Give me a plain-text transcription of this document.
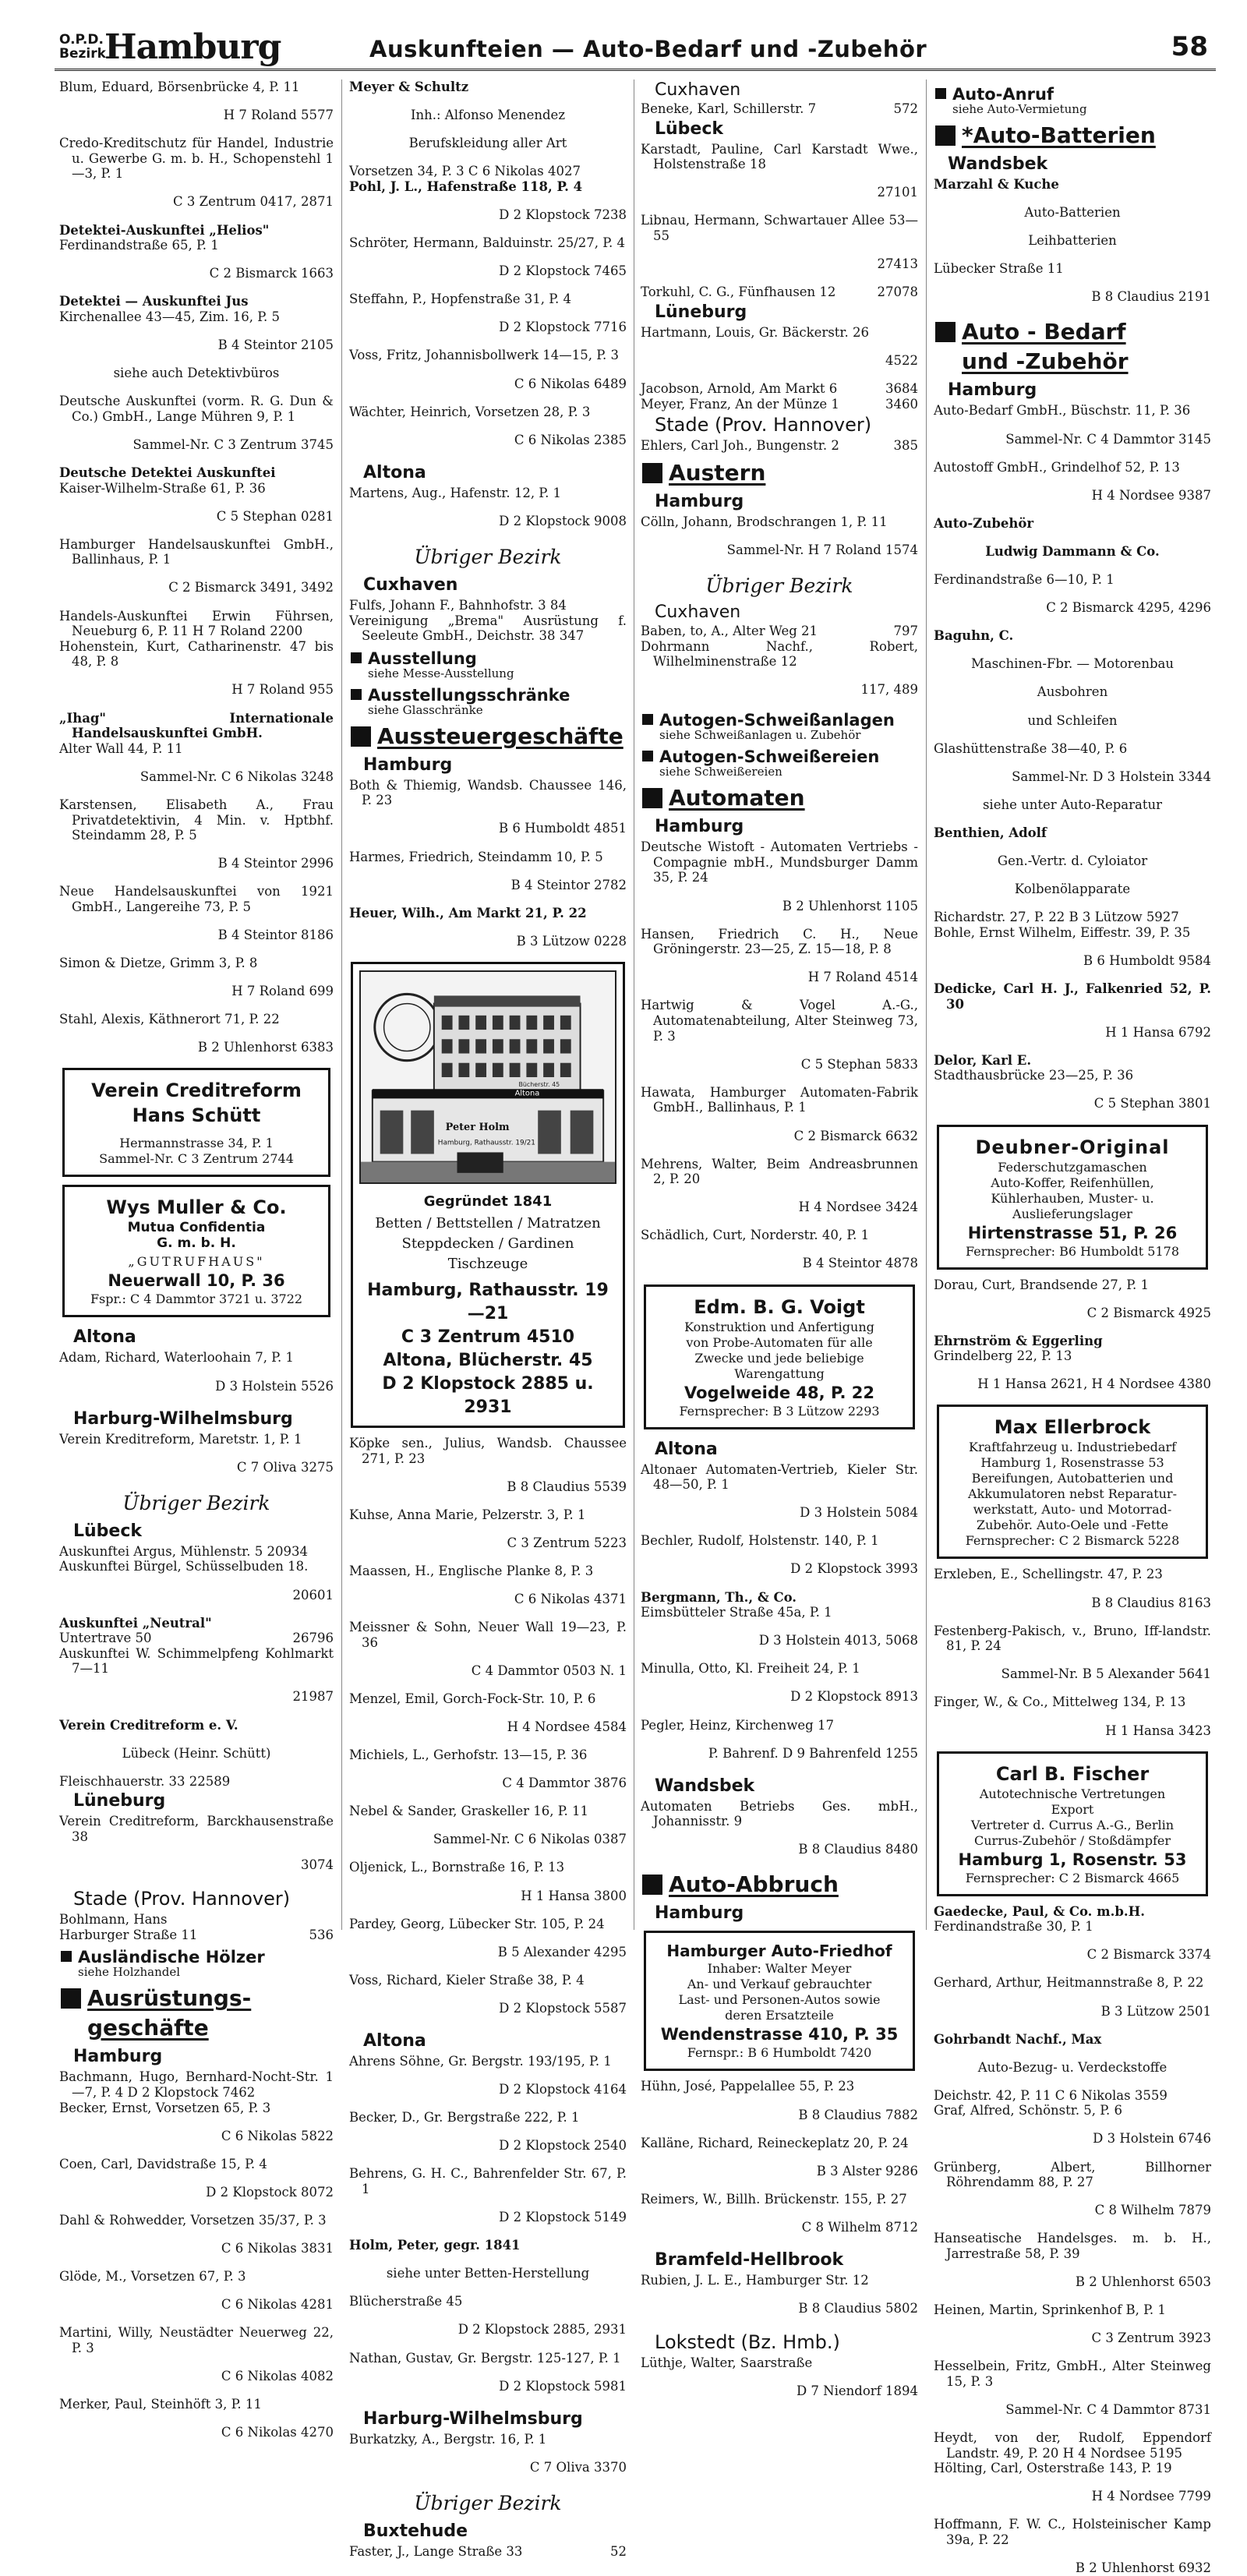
O.P.D.
Bezirk
Hamburg	Auskunfteien — Auto-Bedarf und -Zubehör	58

Blum, Eduard, Börsenbrücke 4, P. 11

H 7 Roland 5577

Credo-Kreditschutz für Handel, Industrie u. Gewerbe G. m. b. H., Schopenstehl 1—3, P. 1

C 3 Zentrum 0417, 2871

Detektei-Auskunftei „Helios"

Ferdinandstraße 65, P. 1

C 2 Bismarck 1663

Detektei — Auskunftei Jus

Kirchenallee 43—45, Zim. 16, P. 5

B 4 Steintor 2105

siehe auch Detektivbüros

Deutsche Auskunftei (vorm. R. G. Dun & Co.) GmbH., Lange Mühren 9, P. 1

Sammel-Nr. C 3 Zentrum 3745

Deutsche Detektei Auskunftei

Kaiser-Wilhelm-Straße 61, P. 36

C 5 Stephan 0281

Hamburger Handelsauskunftei GmbH., Ballinhaus, P. 1

C 2 Bismarck 3491, 3492

Handels-Auskunftei Erwin Führsen, Neueburg 6, P. 11 H 7 Roland 2200

Hohenstein, Kurt, Catharinenstr. 47 bis 48, P. 8

H 7 Roland 955

„Ihag" Internationale Handelsauskunftei GmbH.

Alter Wall 44, P. 11

Sammel-Nr. C 6 Nikolas 3248

Karstensen, Elisabeth A., Frau Privatdetektivin, 4 Min. v. Hptbhf. Steindamm 28, P. 5

B 4 Steintor 2996

Neue Handelsauskunftei von 1921 GmbH., Langereihe 73, P. 5

B 4 Steintor 8186

Simon & Dietze, Grimm 3, P. 8

H 7 Roland 699

Stahl, Alexis, Käthnerort 71, P. 22

B 2 Uhlenhorst 6383

Verein Creditreform
Hans Schütt
Hermannstrasse 34, P. 1
Sammel-Nr. C 3 Zentrum 2744
Wys Muller & Co.
Mutua Confidentia
G. m. b. H.
„GUTRUFHAUS"
Neuerwall 10, P. 36
Fspr.: C 4 Dammtor 3721 u. 3722
Altona

Adam, Richard, Waterloohain 7, P. 1

D 3 Holstein 5526

Harburg-Wilhelmsburg

Verein Kreditreform, Maretstr. 1, P. 1

C 7 Oliva 3275

Übriger Bezirk
Lübeck

Auskunftei Argus, Mühlenstr. 5 20934

Auskunftei Bürgel, Schüsselbuden 18.

20601

Auskunftei „Neutral"

Untertrave 50	26796

Auskunftei W. Schimmelpfeng Kohlmarkt 7—11

21987

Verein Creditreform e. V.

Lübeck (Heinr. Schütt)

Fleischhauerstr. 33 22589

Lüneburg

Verein Creditreform, Barckhausenstraße 38

3074

Stade (Prov. Hannover)

Bohlmann, Hans

Harburger Straße 11	536

Ausländische Hölzer
siehe Holzhandel
Ausrüstungs-
geschäfte
Hamburg

Bachmann, Hugo, Bernhard-Nocht-Str. 1—7, P. 4 D 2 Klopstock 7462

Becker, Ernst, Vorsetzen 65, P. 3

C 6 Nikolas 5822

Coen, Carl, Davidstraße 15, P. 4

D 2 Klopstock 8072

Dahl & Rohwedder, Vorsetzen 35/37, P. 3

C 6 Nikolas 3831

Glöde, M., Vorsetzen 67, P. 3

C 6 Nikolas 4281

Martini, Willy, Neustädter Neuerweg 22, P. 3

C 6 Nikolas 4082

Merker, Paul, Steinhöft 3, P. 11

C 6 Nikolas 4270

Meyer & Schultz

Inh.: Alfonso Menendez

Berufskleidung aller Art

Vorsetzen 34, P. 3 C 6 Nikolas 4027

Pohl, J. L., Hafenstraße 118, P. 4

D 2 Klopstock 7238

Schröter, Hermann, Balduinstr. 25/27, P. 4

D 2 Klopstock 7465

Steffahn, P., Hopfenstraße 31, P. 4

D 2 Klopstock 7716

Voss, Fritz, Johannisbollwerk 14—15, P. 3

C 6 Nikolas 6489

Wächter, Heinrich, Vorsetzen 28, P. 3

C 6 Nikolas 2385

Altona

Martens, Aug., Hafenstr. 12, P. 1

D 2 Klopstock 9008

Übriger Bezirk
Cuxhaven

Fulfs, Johann F., Bahnhofstr. 3 84

Vereinigung „Brema" Ausrüstung f. Seeleute GmbH., Deichstr. 38 347

Ausstellung
siehe Messe-Ausstellung
Ausstellungsschränke
siehe Glasschränke
Aussteuergeschäfte
Hamburg

Both & Thiemig, Wandsb. Chaussee 146, P. 23

B 6 Humboldt 4851

Harmes, Friedrich, Steindamm 10, P. 5

B 4 Steintor 2782

Heuer, Wilh., Am Markt 21, P. 22

B 3 Lützow 0228

Altona
Bücherstr. 45
Peter Holm
Hamburg, Rathausstr. 19/21
Gegründet 1841
Betten / Bettstellen / Matratzen
Steppdecken / Gardinen
Tischzeuge
Hamburg, Rathausstr. 19—21
C 3 Zentrum 4510
Altona, Blücherstr. 45
D 2 Klopstock 2885 u. 2931

Köpke sen., Julius, Wandsb. Chaussee 271, P. 23

B 8 Claudius 5539

Kuhse, Anna Marie, Pelzerstr. 3, P. 1

C 3 Zentrum 5223

Maassen, H., Englische Planke 8, P. 3

C 6 Nikolas 4371

Meissner & Sohn, Neuer Wall 19—23, P. 36

C 4 Dammtor 0503 N. 1

Menzel, Emil, Gorch-Fock-Str. 10, P. 6

H 4 Nordsee 4584

Michiels, L., Gerhofstr. 13—15, P. 36

C 4 Dammtor 3876

Nebel & Sander, Graskeller 16, P. 11

Sammel-Nr. C 6 Nikolas 0387

Oljenick, L., Bornstraße 16, P. 13

H 1 Hansa 3800

Pardey, Georg, Lübecker Str. 105, P. 24

B 5 Alexander 4295

Voss, Richard, Kieler Straße 38, P. 4

D 2 Klopstock 5587

Altona

Ahrens Söhne, Gr. Bergstr. 193/195, P. 1

D 2 Klopstock 4164

Becker, D., Gr. Bergstraße 222, P. 1

D 2 Klopstock 2540

Behrens, G. H. C., Bahrenfelder Str. 67, P. 1

D 2 Klopstock 5149

Holm, Peter, gegr. 1841

siehe unter Betten-Herstellung

Blücherstraße 45

D 2 Klopstock 2885, 2931

Nathan, Gustav, Gr. Bergstr. 125-127, P. 1

D 2 Klopstock 5981

Harburg-Wilhelmsburg

Burkatzky, A., Bergstr. 16, P. 1

C 7 Oliva 3370

Übriger Bezirk
Buxtehude

Faster, J., Lange Straße 33	52

Cuxhaven

Beneke, Karl, Schillerstr. 7	572

Lübeck

Karstadt, Pauline, Carl Karstadt Wwe., Holstenstraße 18

27101

Libnau, Hermann, Schwartauer Allee 53—55

27413

Torkuhl, C. G., Fünfhausen 12	27078

Lüneburg

Hartmann, Louis, Gr. Bäckerstr. 26

4522

Jacobson, Arnold, Am Markt 6	3684

Meyer, Franz, An der Münze 1	3460

Stade (Prov. Hannover)

Ehlers, Carl Joh., Bungenstr. 2	385

Austern
Hamburg

Cölln, Johann, Brodschrangen 1, P. 11

Sammel-Nr. H 7 Roland 1574

Übriger Bezirk
Cuxhaven

Baben, to, A., Alter Weg 21	797

Dohrmann Nachf., Robert, Wilhelminenstraße 12

117, 489

Autogen-Schweißanlagen
siehe Schweißanlagen u. Zubehör
Autogen-Schweißereien
siehe Schweißereien
Automaten
Hamburg

Deutsche Wistoft - Automaten Vertriebs - Compagnie mbH., Mundsburger Damm 35, P. 24

B 2 Uhlenhorst 1105

Hansen, Friedrich C. H., Neue Gröningerstr. 23—25, Z. 15—18, P. 8

H 7 Roland 4514

Hartwig & Vogel A.-G., Automatenabteilung, Alter Steinweg 73, P. 3

C 5 Stephan 5833

Hawata, Hamburger Automaten-Fabrik GmbH., Ballinhaus, P. 1

C 2 Bismarck 6632

Mehrens, Walter, Beim Andreasbrunnen 2, P. 20

H 4 Nordsee 3424

Schädlich, Curt, Norderstr. 40, P. 1

B 4 Steintor 4878

Edm. B. G. Voigt
Konstruktion und Anfertigung
von Probe-Automaten für alle
Zwecke und jede beliebige
Warengattung
Vogelweide 48, P. 22
Fernsprecher: B 3 Lützow 2293
Altona

Altonaer Automaten-Vertrieb, Kieler Str. 48—50, P. 1

D 3 Holstein 5084

Bechler, Rudolf, Holstenstr. 140, P. 1

D 2 Klopstock 3993

Bergmann, Th., & Co.

Eimsbütteler Straße 45a, P. 1

D 3 Holstein 4013, 5068

Minulla, Otto, Kl. Freiheit 24, P. 1

D 2 Klopstock 8913

Pegler, Heinz, Kirchenweg 17

P. Bahrenf. D 9 Bahrenfeld 1255

Wandsbek

Automaten Betriebs Ges. mbH., Johannisstr. 9

B 8 Claudius 8480

Auto-Abbruch
Hamburg
Hamburger Auto-Friedhof
Inhaber: Walter Meyer
An- und Verkauf gebrauchter
Last- und Personen-Autos sowie
deren Ersatzteile
Wendenstrasse 410, P. 35
Fernspr.: B 6 Humboldt 7420

Hühn, José, Pappelallee 55, P. 23

B 8 Claudius 7882

Kalläne, Richard, Reineckeplatz 20, P. 24

B 3 Alster 9286

Reimers, W., Billh. Brückenstr. 155, P. 27

C 8 Wilhelm 8712

Bramfeld-Hellbrook

Rubien, J. L. E., Hamburger Str. 12

B 8 Claudius 5802

Lokstedt (Bz. Hmb.)

Lüthje, Walter, Saarstraße

D 7 Niendorf 1894

Auto-Anruf
siehe Auto-Vermietung
*Auto-Batterien
Wandsbek

Marzahl & Kuche

Auto-Batterien

Leihbatterien

Lübecker Straße 11

B 8 Claudius 2191

Auto - Bedarf
und -Zubehör
Hamburg

Auto-Bedarf GmbH., Büschstr. 11, P. 36

Sammel-Nr. C 4 Dammtor 3145

Autostoff GmbH., Grindelhof 52, P. 13

H 4 Nordsee 9387

Auto-Zubehör

Ludwig Dammann & Co.

Ferdinandstraße 6—10, P. 1

C 2 Bismarck 4295, 4296

Baguhn, C.

Maschinen-Fbr. — Motorenbau

Ausbohren

und Schleifen

Glashüttenstraße 38—40, P. 6

Sammel-Nr. D 3 Holstein 3344

siehe unter Auto-Reparatur

Benthien, Adolf

Gen.-Vertr. d. Cyloiator

Kolbenölapparate

Richardstr. 27, P. 22 B 3 Lützow 5927

Bohle, Ernst Wilhelm, Eiffestr. 39, P. 35

B 6 Humboldt 9584

Dedicke, Carl H. J., Falkenried 52, P. 30

H 1 Hansa 6792

Delor, Karl E.

Stadthausbrücke 23—25, P. 36

C 5 Stephan 3801

Deubner-Original
Federschutzgamaschen
Auto-Koffer, Reifenhüllen,
Kühlerhauben, Muster- u.
Auslieferungslager
Hirtenstrasse 51, P. 26
Fernsprecher: B6 Humboldt 5178

Dorau, Curt, Brandsende 27, P. 1

C 2 Bismarck 4925

Ehrnström & Eggerling

Grindelberg 22, P. 13

H 1 Hansa 2621, H 4 Nordsee 4380

Max Ellerbrock
Kraftfahrzeug u. Industriebedarf
Hamburg 1, Rosenstrasse 53
Bereifungen, Autobatterien und
Akkumulatoren nebst Reparatur-
werkstatt, Auto- und Motorrad-
Zubehör. Auto-Oele und -Fette
Fernsprecher: C 2 Bismarck 5228

Erxleben, E., Schellingstr. 47, P. 23

B 8 Claudius 8163

Festenberg-Pakisch, v., Bruno, Iff-landstr. 81, P. 24

Sammel-Nr. B 5 Alexander 5641

Finger, W., & Co., Mittelweg 134, P. 13

H 1 Hansa 3423

Carl B. Fischer
Autotechnische Vertretungen
Export
Vertreter d. Currus A.-G., Berlin
Currus-Zubehör / Stoßdämpfer
Hamburg 1, Rosenstr. 53
Fernsprecher: C 2 Bismarck 4665

Gaedecke, Paul, & Co. m.b.H.

Ferdinandstraße 30, P. 1

C 2 Bismarck 3374

Gerhard, Arthur, Heitmannstraße 8, P. 22

B 3 Lützow 2501

Gohrbandt Nachf., Max

Auto-Bezug- u. Verdeckstoffe

Deichstr. 42, P. 11 C 6 Nikolas 3559

Graf, Alfred, Schönstr. 5, P. 6

D 3 Holstein 6746

Grünberg, Albert, Billhorner Röhrendamm 88, P. 27

C 8 Wilhelm 7879

Hanseatische Handelsges. m. b. H., Jarrestraße 58, P. 39

B 2 Uhlenhorst 6503

Heinen, Martin, Sprinkenhof B, P. 1

C 3 Zentrum 3923

Hesselbein, Fritz, GmbH., Alter Steinweg 15, P. 3

Sammel-Nr. C 4 Dammtor 8731

Heydt, von der, Rudolf, Eppendorf Landstr. 49, P. 20 H 4 Nordsee 5195

Hölting, Carl, Osterstraße 143, P. 19

H 4 Nordsee 7799

Hoffmann, F. W. C., Holsteinischer Kamp 39a, P. 22

B 2 Uhlenhorst 6932
